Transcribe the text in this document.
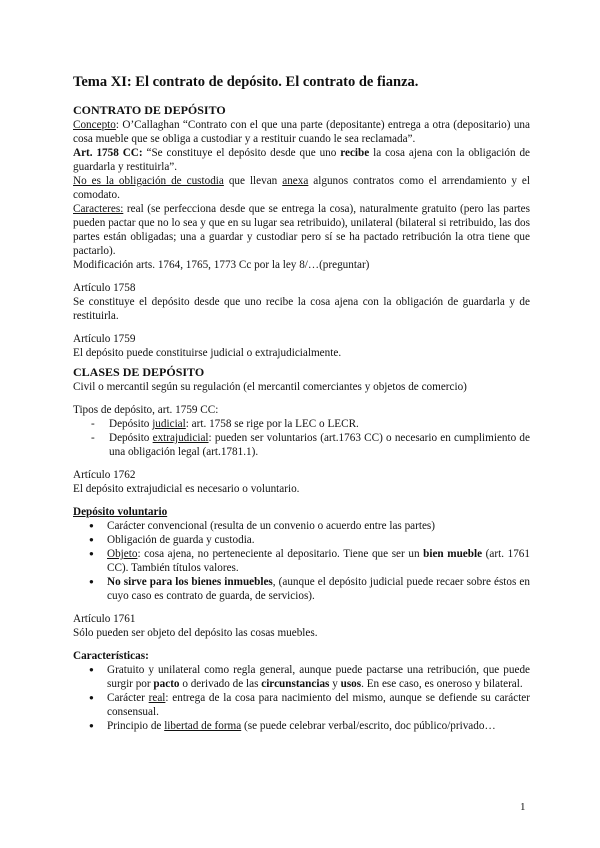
Tema XI: El contrato de depósito. El contrato de fianza.

CONTRATO DE DEPÓSITO

Concepto: O’Callaghan “Contrato con el que una parte (depositante) entrega a otra (depositario) una cosa mueble que se obliga a custodiar y a restituir cuando le sea reclamada”.

Art. 1758 CC: “Se constituye el depósito desde que uno recibe la cosa ajena con la obligación de guardarla y restituirla”.

No es la obligación de custodia que llevan anexa algunos contratos como el arrendamiento y el comodato.

Caracteres: real (se perfecciona desde que se entrega la cosa), naturalmente gratuito (pero las partes pueden pactar que no lo sea y que en su lugar sea retribuido), unilateral (bilateral si retribuido, las dos partes están obligadas; una a guardar y custodiar pero sí se ha pactado retribución la otra tiene que pactarlo).

Modificación arts. 1764, 1765, 1773 Cc por la ley 8/…(preguntar)

Artículo 1758

Se constituye el depósito desde que uno recibe la cosa ajena con la obligación de guardarla y de restituirla.

Artículo 1759

El depósito puede constituirse judicial o extrajudicialmente.

CLASES DE DEPÓSITO

Civil o mercantil según su regulación (el mercantil comerciantes y objetos de comercio)

Tipos de depósito, art. 1759 CC:

- Depósito judicial: art. 1758 se rige por la LEC o LECR.
- Depósito extrajudicial: pueden ser voluntarios (art.1763 CC) o necesario en cumplimiento de una obligación legal (art.1781.1).

Artículo 1762

El depósito extrajudicial es necesario o voluntario.

Depósito voluntario

● Carácter convencional (resulta de un convenio o acuerdo entre las partes)
● Obligación de guarda y custodia.
● Objeto: cosa ajena, no perteneciente al depositario. Tiene que ser un bien mueble (art. 1761 CC). También títulos valores.
● No sirve para los bienes inmuebles, (aunque el depósito judicial puede recaer sobre éstos en cuyo caso es contrato de guarda, de servicios).

Artículo 1761

Sólo pueden ser objeto del depósito las cosas muebles.

Características:

● Gratuito y unilateral como regla general, aunque puede pactarse una retribución, que puede surgir por pacto o derivado de las circunstancias y usos. En ese caso, es oneroso y bilateral.
● Carácter real: entrega de la cosa para nacimiento del mismo, aunque se defiende su carácter consensual.
● Principio de libertad de forma (se puede celebrar verbal/escrito, doc público/privado…
1
